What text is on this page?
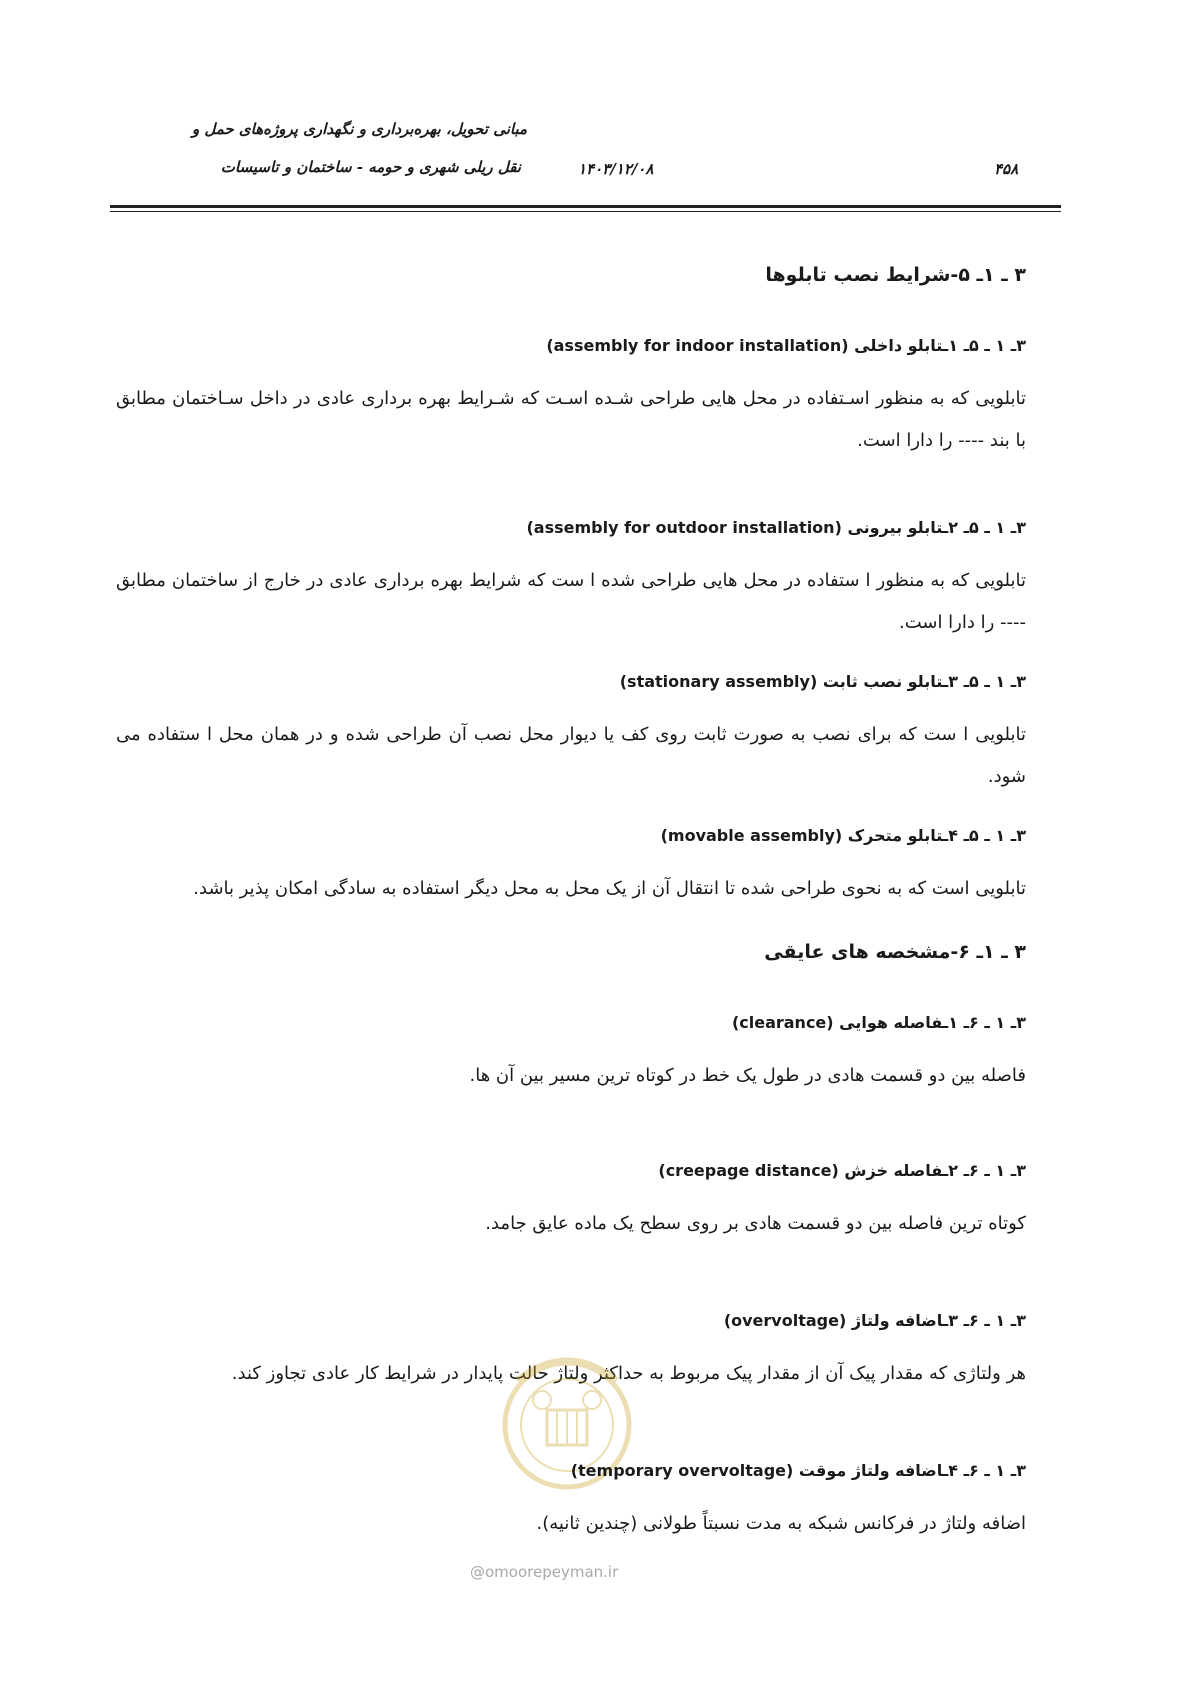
مبانی تحویل، بهره‌برداری و نگهداری پروژه‌های حمل و
نقل ریلی شهری و حومه - ساختمان و تاسیسات	۱۴۰۳/۱۲/۰۸	۴۵۸
۳ ـ ۱ـ ۵-شرایط نصب تابلوها
۳ـ ۱ ـ ۵ـ ۱ـتابلو داخلی (assembly for indoor installation)
تابلویی که به منظور اسـتفاده در محل هایی طراحی شـده اسـت که شـرایط بهره برداری عادی در داخل سـاختمان مطابق با بند ---- را دارا است.
۳ـ ۱ ـ ۵ـ ۲ـتابلو بیرونی (assembly for outdoor installation)
تابلویی که به منظور ا ستفاده در محل هایی طراحی شده ا ست که شرایط بهره برداری عادی در خارج از ساختمان مطابق ---- را دارا است.
۳ـ ۱ ـ ۵ـ ۳ـتابلو نصب ثابت (stationary assembly)
تابلویی ا ست که برای نصب به صورت ثابت روی کف یا دیوار محل نصب آن طراحی شده و در همان محل ا ستفاده می شود.
۳ـ ۱ ـ ۵ـ ۴ـتابلو متحرک (movable assembly)
تابلویی است که به نحوی طراحی شده تا انتقال آن از یک محل به محل دیگر استفاده به سادگی امکان پذیر باشد.
۳ ـ ۱ـ ۶-مشخصه های عایقی
۳ـ ۱ ـ ۶ـ ۱ـفاصله هوایی (clearance)
فاصله بین دو قسمت هادی در طول یک خط در کوتاه ترین مسیر بین آن ها.
۳ـ ۱ ـ ۶ـ ۲ـفاصله خزش (creepage distance)
کوتاه ترین فاصله بین دو قسمت هادی بر روی سطح یک ماده عایق جامد.
۳ـ ۱ ـ ۶ـ ۳ـاضافه ولتاژ (overvoltage)
هر ولتاژی که مقدار پیک آن از مقدار پیک مربوط به حداکثر ولتاژ حالت پایدار در شرایط کار عادی تجاوز کند.
۳ـ ۱ ـ ۶ـ ۴ـاضافه ولتاژ موقت (temporary overvoltage)
اضافه ولتاژ در فرکانس شبکه به مدت نسبتاً طولانی (چندین ثانیه).
@omoorepeyman.ir
